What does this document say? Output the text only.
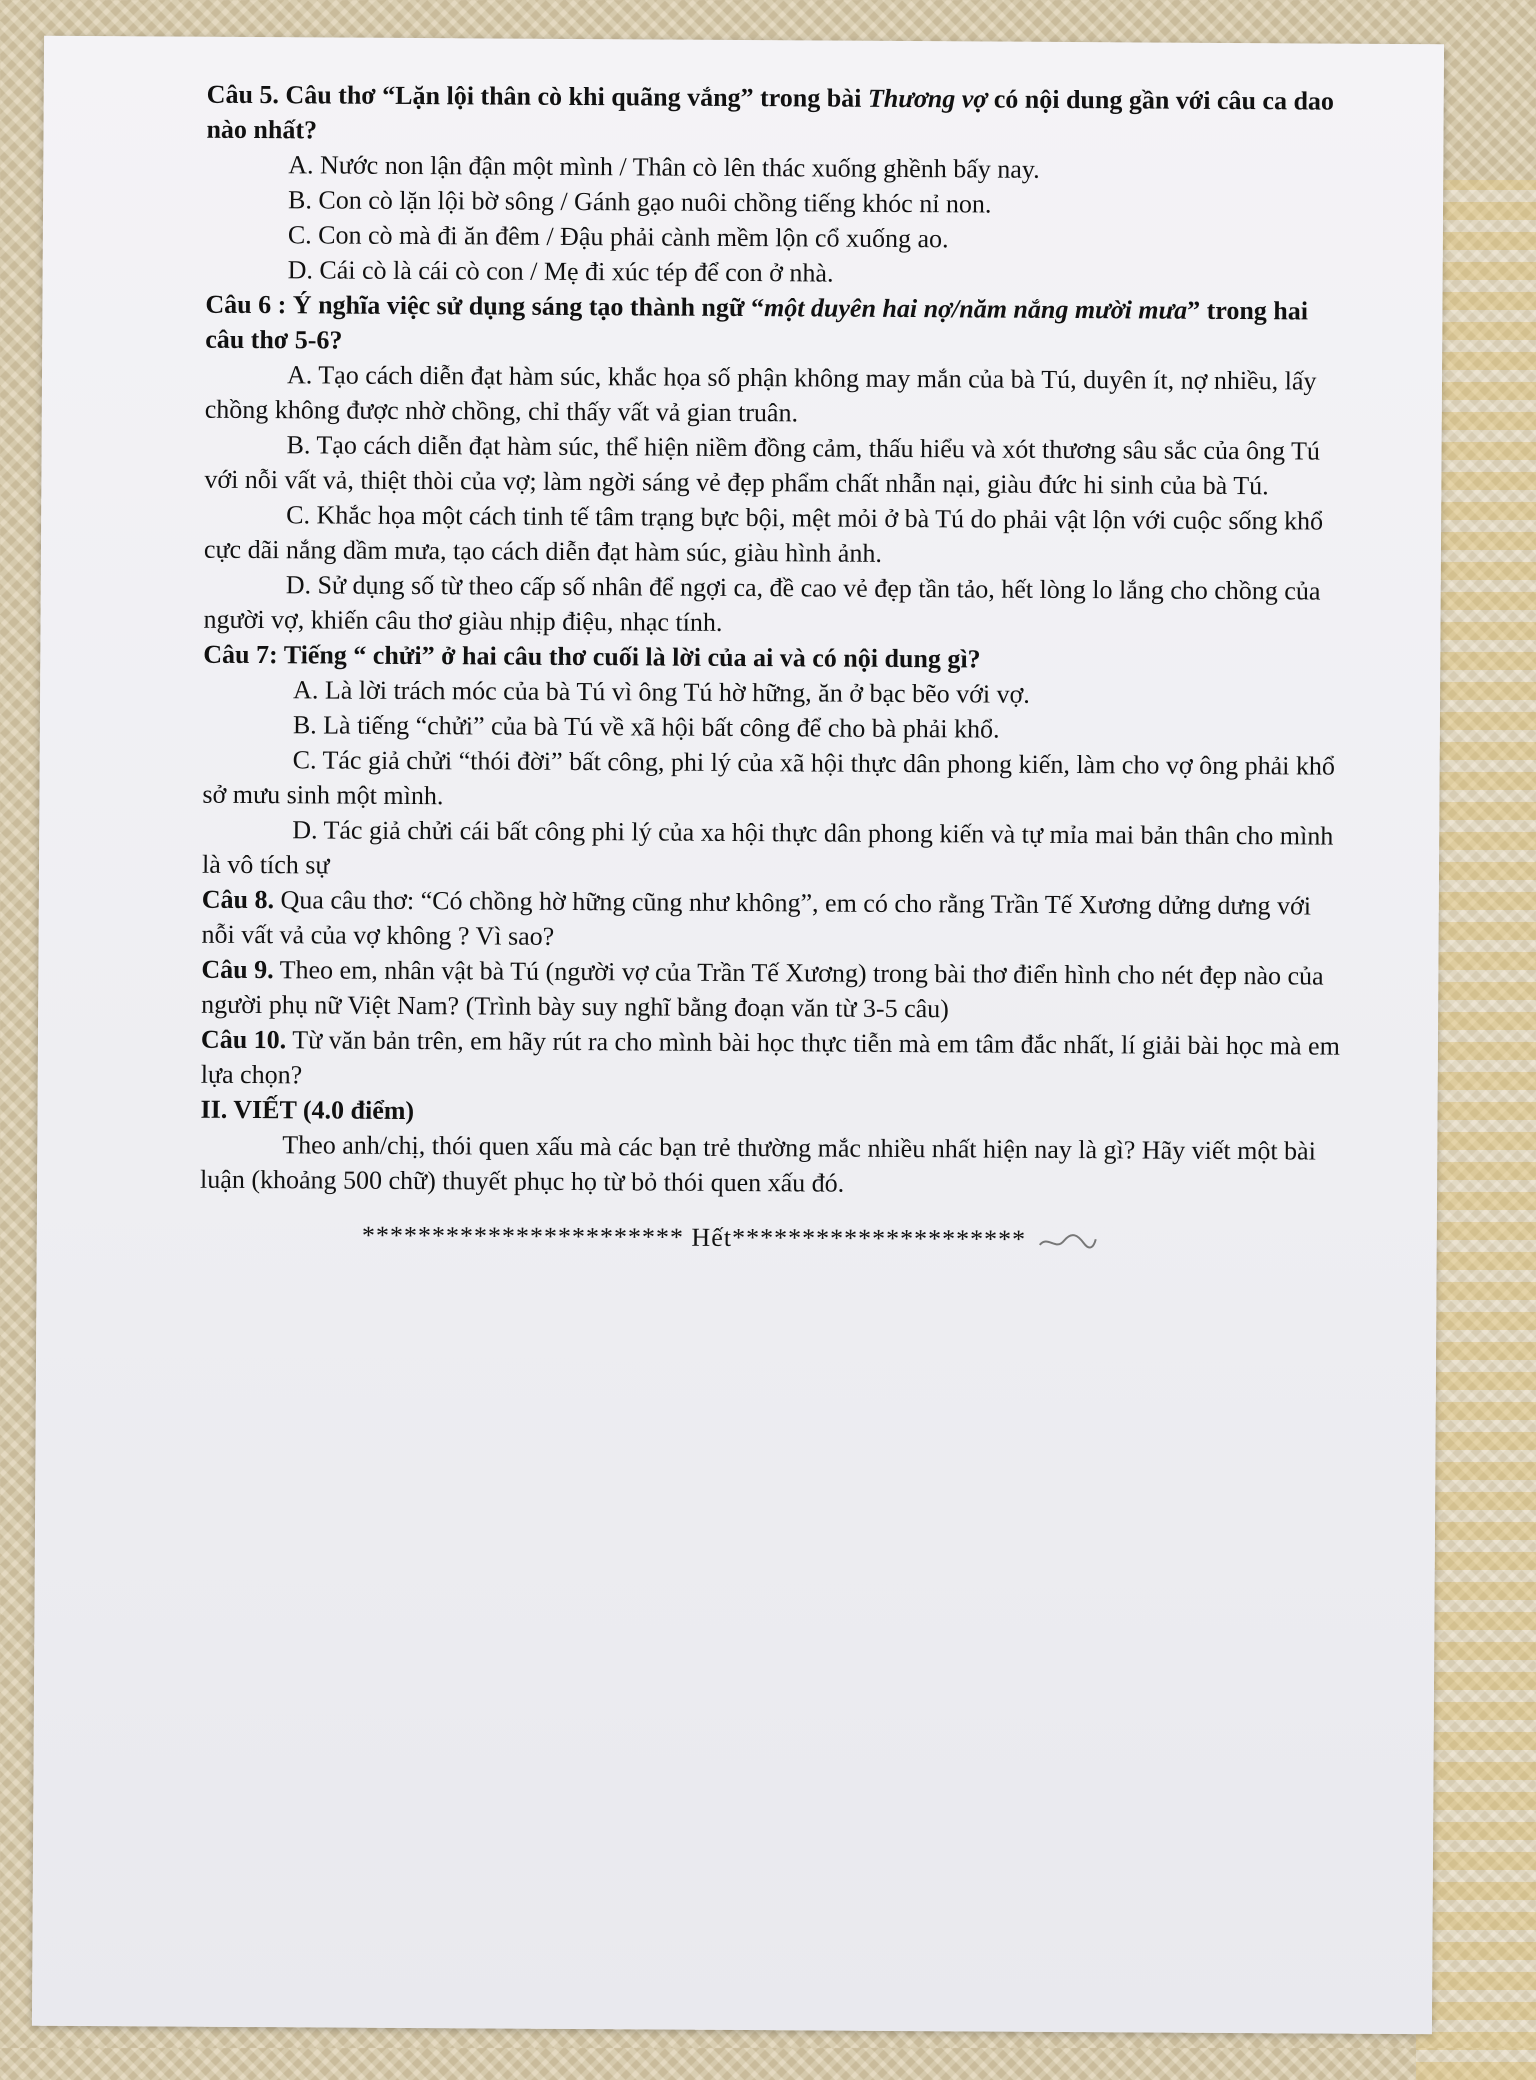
Câu 5. Câu thơ “Lặn lội thân cò khi quãng vắng” trong bài Thương vợ có nội dung gần với câu ca dao nào nhất?

A. Nước non lận đận một mình / Thân cò lên thác xuống ghềnh bấy nay.

B. Con cò lặn lội bờ sông / Gánh gạo nuôi chồng tiếng khóc nỉ non.

C. Con cò mà đi ăn đêm / Đậu phải cành mềm lộn cổ xuống ao.

D. Cái cò là cái cò con / Mẹ đi xúc tép để con ở nhà.

Câu 6 : Ý nghĩa việc sử dụng sáng tạo thành ngữ “một duyên hai nợ/năm nắng mười mưa” trong hai câu thơ 5-6?

A. Tạo cách diễn đạt hàm súc, khắc họa số phận không may mắn của bà Tú, duyên ít, nợ nhiều, lấy chồng không được nhờ chồng, chỉ thấy vất vả gian truân.

B. Tạo cách diễn đạt hàm súc, thể hiện niềm đồng cảm, thấu hiểu và xót thương sâu sắc của ông Tú với nỗi vất vả, thiệt thòi của vợ; làm ngời sáng vẻ đẹp phẩm chất nhẫn nại, giàu đức hi sinh của bà Tú.

C. Khắc họa một cách tinh tế tâm trạng bực bội, mệt mỏi ở bà Tú do phải vật lộn với cuộc sống khổ cực dãi nắng dầm mưa, tạo cách diễn đạt hàm súc, giàu hình ảnh.

D. Sử dụng số từ theo cấp số nhân để ngợi ca, đề cao vẻ đẹp tần tảo, hết lòng lo lắng cho chồng của người vợ, khiến câu thơ giàu nhịp điệu, nhạc tính.

Câu 7: Tiếng “ chửi” ở hai câu thơ cuối là lời của ai và có nội dung gì?

A. Là lời trách móc của bà Tú vì ông Tú hờ hững, ăn ở bạc bẽo với vợ.

B. Là tiếng “chửi” của bà Tú về xã hội bất công để cho bà phải khổ.

C. Tác giả chửi “thói đời” bất công, phi lý của xã hội thực dân phong kiến, làm cho vợ ông phải khổ sở mưu sinh một mình.

D. Tác giả chửi cái bất công phi lý của xa hội thực dân phong kiến và tự mỉa mai bản thân cho mình là vô tích sự

Câu 8. Qua câu thơ: “Có chồng hờ hững cũng như không”, em có cho rằng Trần Tế Xương dửng dưng với nỗi vất vả của vợ không ? Vì sao?

Câu 9. Theo em, nhân vật bà Tú (người vợ của Trần Tế Xương) trong bài thơ điển hình cho nét đẹp nào của người phụ nữ Việt Nam? (Trình bày suy nghĩ bằng đoạn văn từ 3-5 câu)

Câu 10. Từ văn bản trên, em hãy rút ra cho mình bài học thực tiễn mà em tâm đắc nhất, lí giải bài học mà em lựa chọn?

II. VIẾT (4.0 điểm)

Theo anh/chị, thói quen xấu mà các bạn trẻ thường mắc nhiều nhất hiện nay là gì? Hãy viết một bài luận (khoảng 500 chữ) thuyết phục họ từ bỏ thói quen xấu đó.

*********************** Hết*********************
